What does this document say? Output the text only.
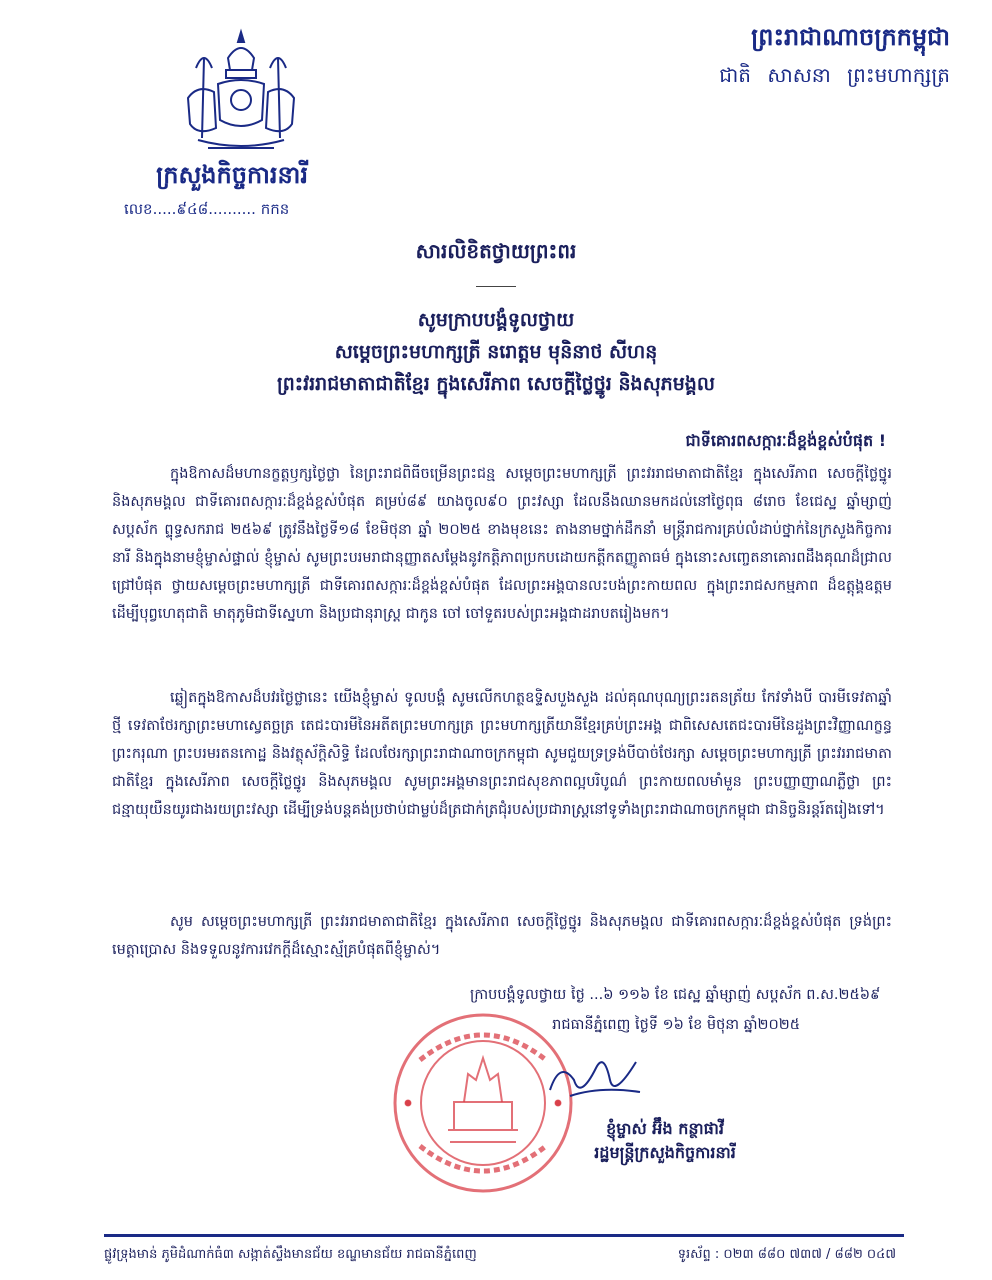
ក្រសួងកិច្ចការនារី
លេខ.....៩៤៨.......... កកន
ព្រះរាជាណាចក្រកម្ពុជា
ជាតិ សាសនា ព្រះមហាក្សត្រ
សារលិខិតថ្វាយព្រះពរ
សូមក្រាបបង្គំទូលថ្វាយ
សម្តេចព្រះមហាក្សត្រី នរោត្តម មុនិនាថ សីហនុ
ព្រះវររាជមាតាជាតិខ្មែរ ក្នុងសេរីភាព សេចក្តីថ្លៃថ្នូរ និងសុភមង្គល
ជាទីគោរពសក្ការៈដ៏ខ្ពង់ខ្ពស់បំផុត !

ក្នុងឱកាសដ៏មហានក្ខត្តឫក្សថ្ងៃថ្លា នៃព្រះរាជពិធីចម្រើនព្រះជន្ម សម្តេចព្រះមហាក្សត្រី ព្រះវររាជមាតាជាតិខ្មែរ ក្នុងសេរីភាព សេចក្តីថ្លៃថ្នូរ និងសុភមង្គល ជាទីគោរពសក្ការៈដ៏ខ្ពង់ខ្ពស់បំផុត គម្រប់៨៩ យាងចូល៩០ ព្រះវស្សា ដែលនឹងឈានមកដល់នៅថ្ងៃពុធ ៨រោច ខែជេស្ឋ ឆ្នាំម្សាញ់ សប្តស័ក ព្ទុទ្ធសករាជ ២៥៦៩ ត្រូវនឹងថ្ងៃទី១៨ ខែមិថុនា ឆ្នាំ ២០២៥ ខាងមុខនេះ តាងនាមថ្នាក់ដឹកនាំ មន្ត្រីរាជការគ្រប់លំដាប់ថ្នាក់នៃក្រសួងកិច្ចការនារី និងក្នុងនាមខ្ញុំម្ចាស់ផ្ទាល់ ខ្ញុំម្ចាស់ សូមព្រះបរមរាជានុញ្ញាតសម្តែងនូវកត្តិភាពប្រកបដោយកត្តីកតញ្ញូតាធម៌ ក្នុងនោះសញ្ចេតនាគោរពដឹងគុណដ៏ជ្រាលជ្រៅបំផុត ថ្វាយសម្តេចព្រះមហាក្សត្រី ជាទីគោរពសក្ការៈដ៏ខ្ពង់ខ្ពស់បំផុត ដែលព្រះអង្គបានលះបង់ព្រះកាយពល ក្នុងព្រះរាជសកម្មភាព ដ៏ឧត្តុង្គឧត្តម ដើម្បីបុព្វហេតុជាតិ មាតុភូមិជាទីស្នេហា និងប្រជានុរាស្ត្រ ជាកូន ចៅ ចៅទួតរបស់ព្រះអង្គជាដរាបតរៀងមក។

ឆ្លៀតក្នុងឱកាសដ៏បវរថ្ងៃថ្លានេះ យើងខ្ញុំម្ចាស់ ទូលបង្គំ សូមលើកហត្ថឧទ្ទិសបួងសួង ដល់គុណបុណ្យព្រះរតនត្រ័យ កែវទាំងបី បារមីទេវតាឆ្នាំថ្មី ទេវតាថែរក្សាព្រះមហាស្វេតច្ឆត្រ តេជះបារមីនៃអតីតព្រះមហាក្សត្រ ព្រះមហាក្សត្រីយានីខ្មែរគ្រប់ព្រះអង្គ ជាពិសេសតេជះបារមីនៃដួងព្រះវិញ្ញាណក្ខន្ធ ព្រះករុណា ព្រះបរមរតនកោដ្ឋ និងវត្ថុស័ក្តិសិទ្ធិ ដែលថែរក្សាព្រះរាជាណាចក្រកម្ពុជា សូមជួយទ្រទ្រង់បីបាច់ថែរក្សា សម្តេចព្រះមហាក្សត្រី ព្រះវររាជមាតាជាតិខ្មែរ ក្នុងសេរីភាព សេចក្តីថ្លៃថ្នូរ និងសុភមង្គល សូមព្រះអង្គមានព្រះរាជសុខភាពល្អបរិបូណ៌ ព្រះកាយពលមាំមួន ព្រះបញ្ញាញាណភ្លឺថ្លា ព្រះជន្មាយុយឺនយូរជាងរយព្រះវស្សា ដើម្បីទ្រង់បន្តគង់ប្រថាប់ជាម្លប់ដ៏ត្រជាក់ត្រជុំរបស់ប្រជារាស្ត្រនៅទូទាំងព្រះរាជាណាចក្រកម្ពុជា ជានិច្ចនិរន្តរ៍តរៀងទៅ។

សូម សម្តេចព្រះមហាក្សត្រី ព្រះវររាជមាតាជាតិខ្មែរ ក្នុងសេរីភាព សេចក្តីថ្លៃថ្នូរ និងសុភមង្គល ជាទីគោរពសក្ការៈដ៏ខ្ពង់ខ្ពស់បំផុត ទ្រង់ព្រះមេត្តាប្រោស និងទទួលនូវការវេកក្តីដ៏ស្មោះស្ម័គ្របំផុតពីខ្ញុំម្ចាស់។

ក្រាបបង្គំទូលថ្វាយ ថ្ងៃ ...៦ ១១៦ ខែ ជេស្ឋ ឆ្នាំម្សាញ់ សប្តស័ក ព.ស.២៥៦៩
រាជធានីភ្នំពេញ ថ្ងៃទី ១៦ ខែ មិថុនា ឆ្នាំ២០២៥
ខ្ញុំម្ចាស់ អ៊ឹង កន្ថាផាវី
រដ្ឋមន្ត្រីក្រសួងកិច្ចការនារី
ផ្លូវទ្រុងមាន់ ភូមិដំណាក់ធំ៣ សង្កាត់ស្ទឹងមានជ័យ ខណ្ឌមានជ័យ រាជធានីភ្នំពេញ	ទូរស័ព្ទ : ០២៣ ៨៨០ ៧៣៧ / ៨៨២ ០៤៧
